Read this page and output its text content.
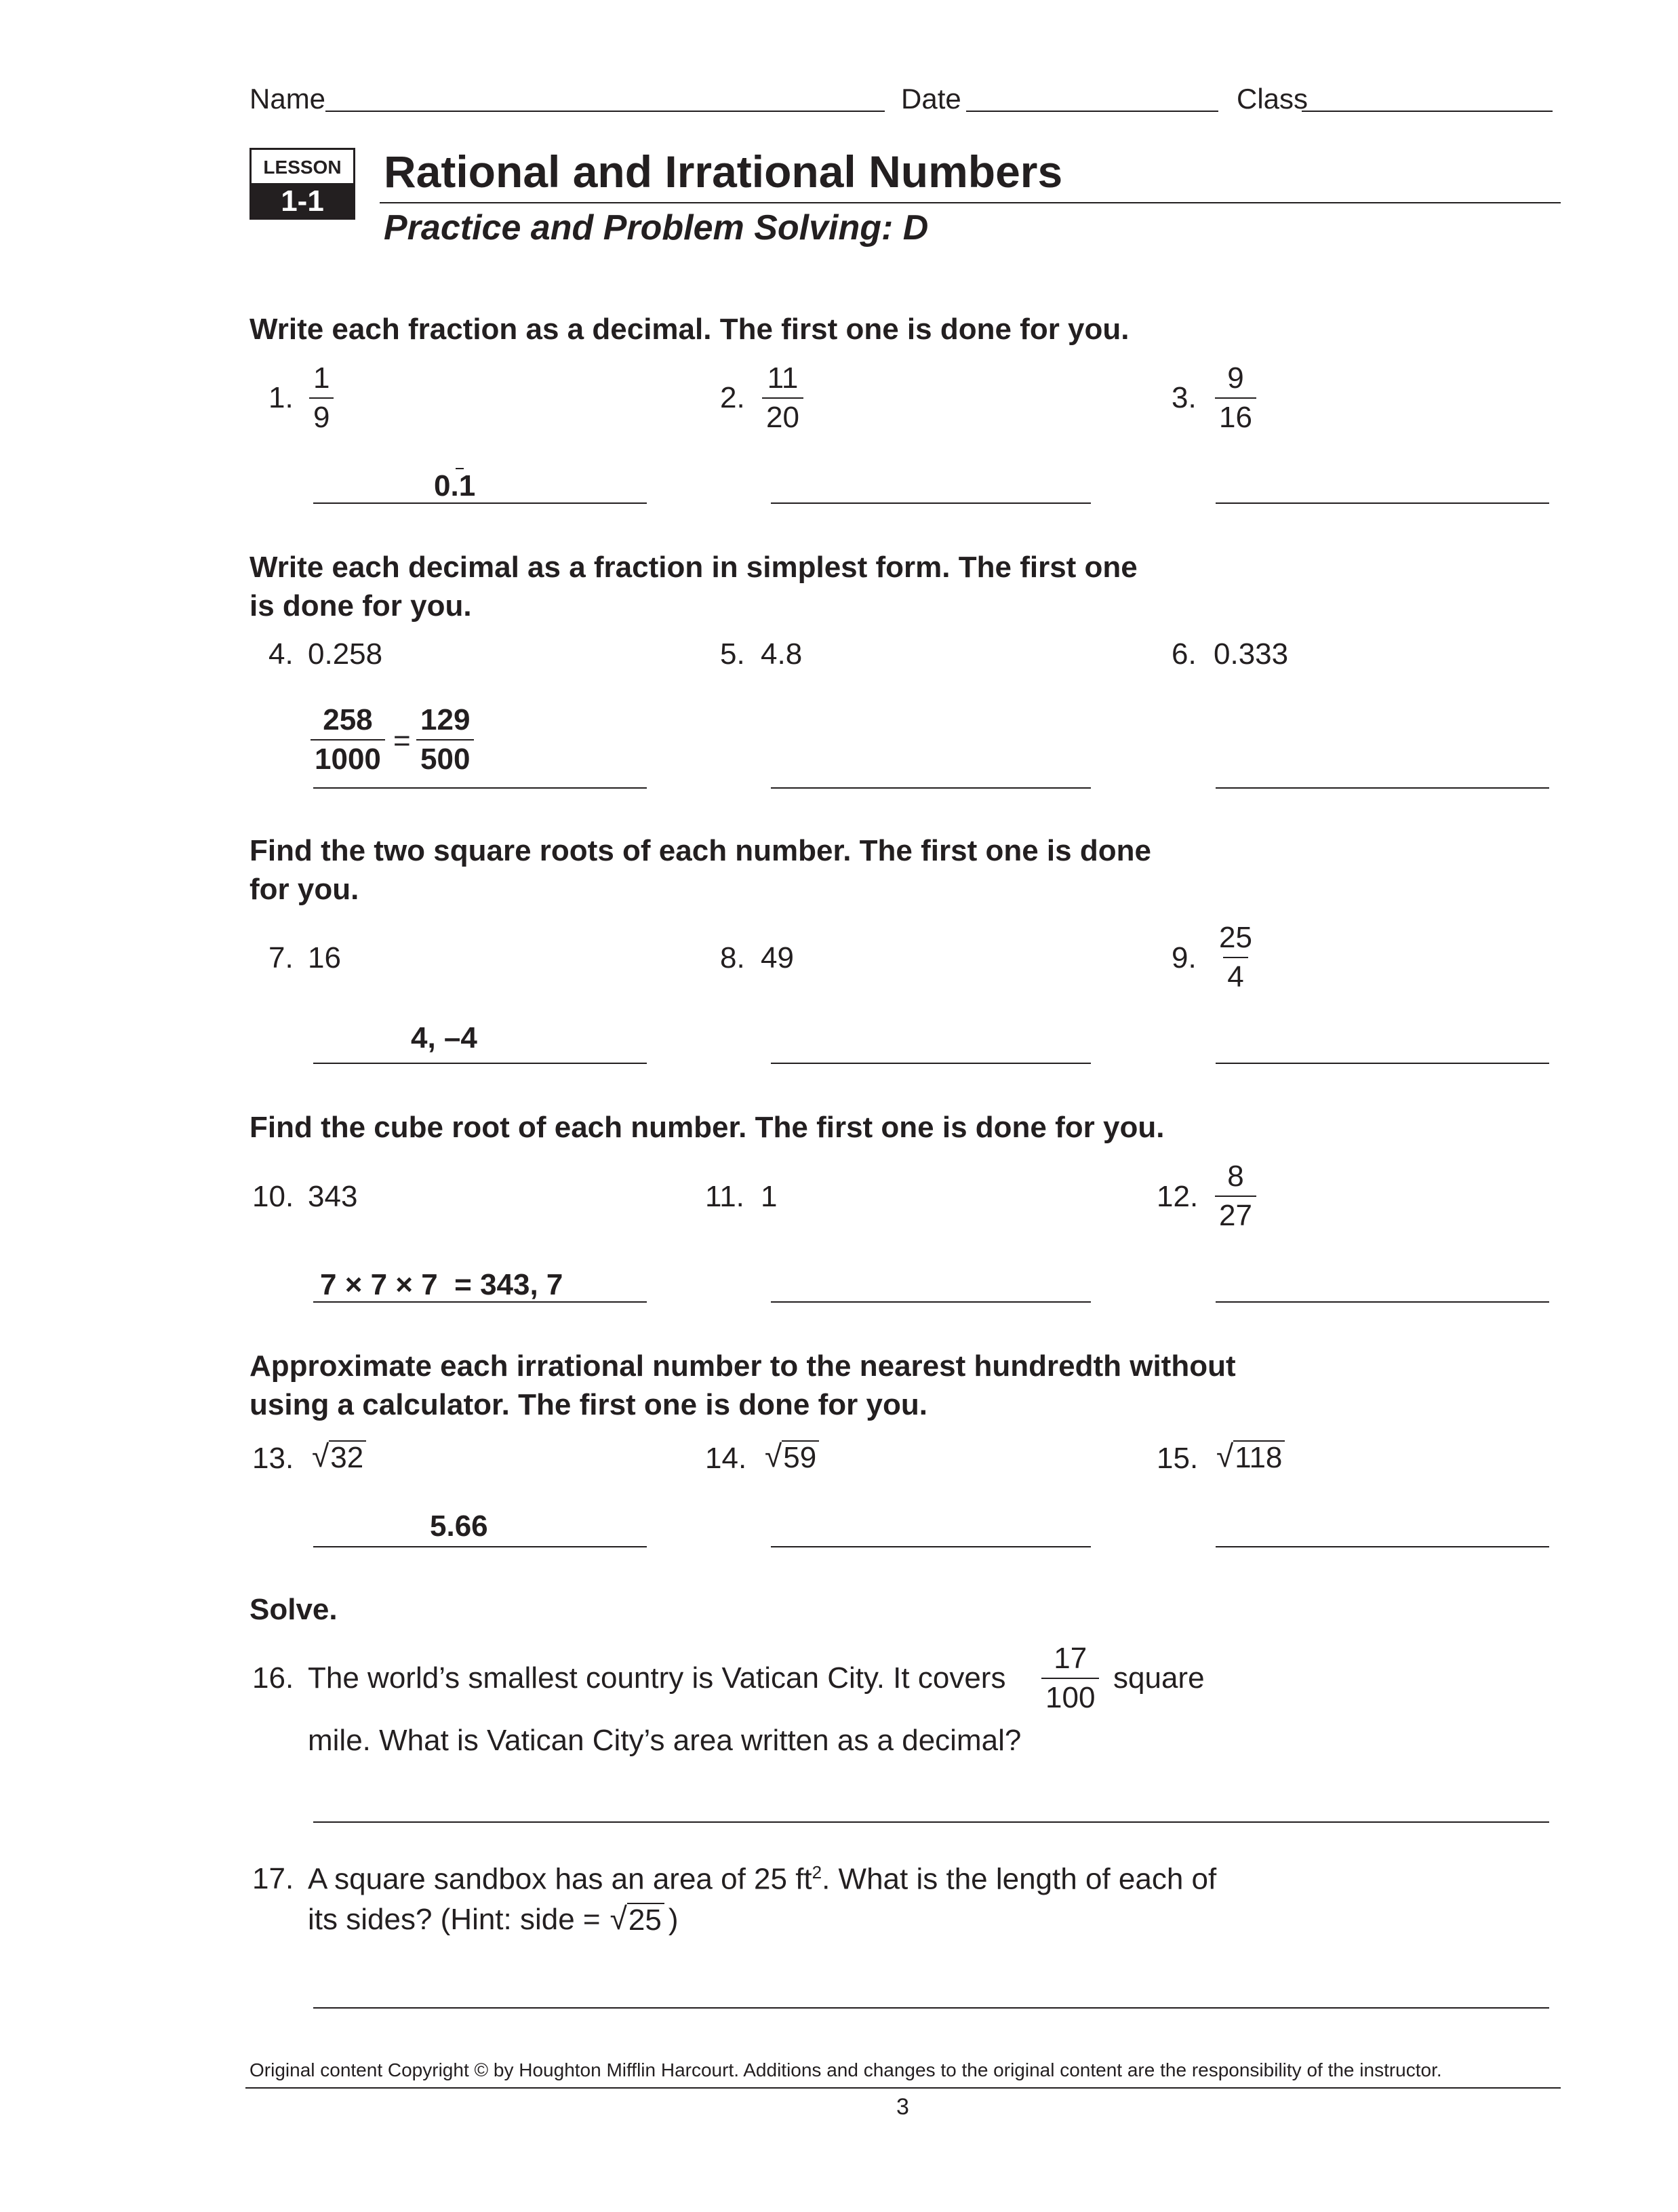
Name	Date	Class
LESSON
1-1
Rational and Irrational Numbers
Practice and Problem Solving: D
Write each fraction as a decimal. The first one is done for you.
1. $\frac{1}{9}$
0.1
2. $\frac{11}{20}$	3. $\frac{9}{16}$
Write each decimal as a fraction in simplest form. The first one
is done for you.
4. 0.258
$\frac{258}{1000} = \frac{129}{500}$
5. 4.8	6. 0.333
Find the two square roots of each number. The first one is done
for you.
7. 16
4, –4
8. 49	9. $\frac{25}{4}$
Find the cube root of each number. The first one is done for you.
10. 343
7 × 7 × 7  = 343, 7
11. 1	12. $\frac{8}{27}$
Approximate each irrational number to the nearest hundredth without
using a calculator. The first one is done for you.
13. √ 32
5.66
14. √ 59	15. √ 118
Solve.
16. The world’s smallest country is Vatican City. It covers $\frac{17}{100}$ square
mile. What is Vatican City’s area written as a decimal?
17. A square sandbox has an area of 25 $ft^2$. What is the length of each of
its sides? (Hint: side = √ 25 )
Original content Copyright © by Houghton Mifflin Harcourt. Additions and changes to the original content are the responsibility of the instructor.
3
